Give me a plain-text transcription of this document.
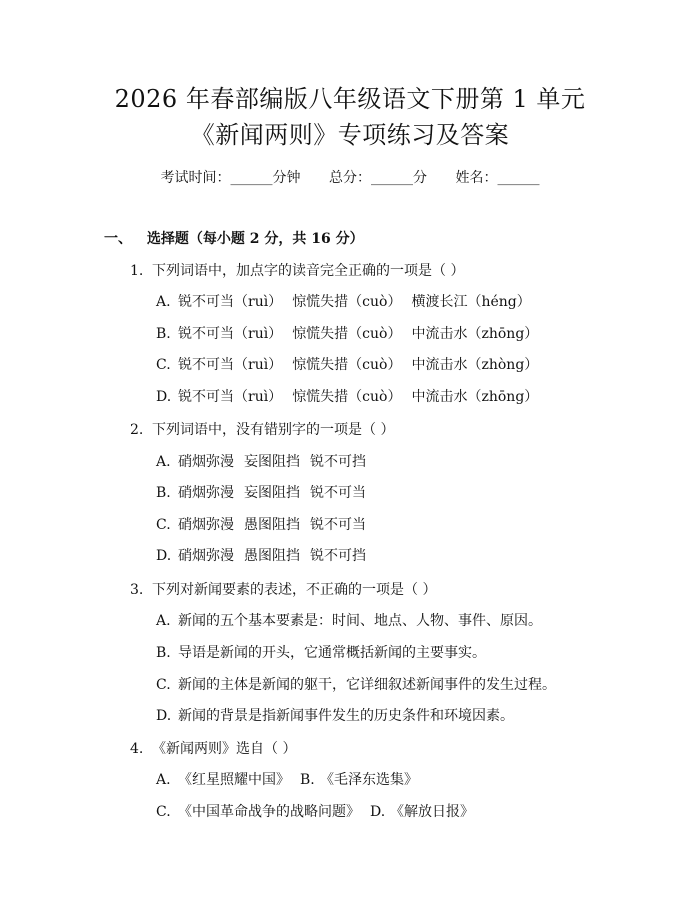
2026 年春部编版八年级语文下册第 1 单元
《新闻两则》专项练习及答案
考试时间：______分钟 总分：______分 姓名：______
一、 选择题（每小题 2 分，共 16 分）
1. 下列词语中，加点字的读音完全正确的一项是（ ）
A. 锐不可当（ruì） 惊慌失措（cuò） 横渡长江（héng）
B. 锐不可当（ruì） 惊慌失措（cuò） 中流击水（zhōng）
C. 锐不可当（ruì） 惊慌失措（cuò） 中流击水（zhòng）
D. 锐不可当（ruì） 惊慌失措（cuò） 中流击水（zhōng）
2. 下列词语中，没有错别字的一项是（ ）
A. 硝烟弥漫 妄图阻挡 锐不可挡
B. 硝烟弥漫 妄图阻挡 锐不可当
C. 硝烟弥漫 愚图阻挡 锐不可当
D. 硝烟弥漫 愚图阻挡 锐不可挡
3. 下列对新闻要素的表述，不正确的一项是（ ）
A. 新闻的五个基本要素是：时间、地点、人物、事件、原因。
B. 导语是新闻的开头，它通常概括新闻的主要事实。
C. 新闻的主体是新闻的躯干，它详细叙述新闻事件的发生过程。
D. 新闻的背景是指新闻事件发生的历史条件和环境因素。
4. 《新闻两则》选自（ ）
A. 《红星照耀中国》 B. 《毛泽东选集》
C. 《中国革命战争的战略问题》 D. 《解放日报》
